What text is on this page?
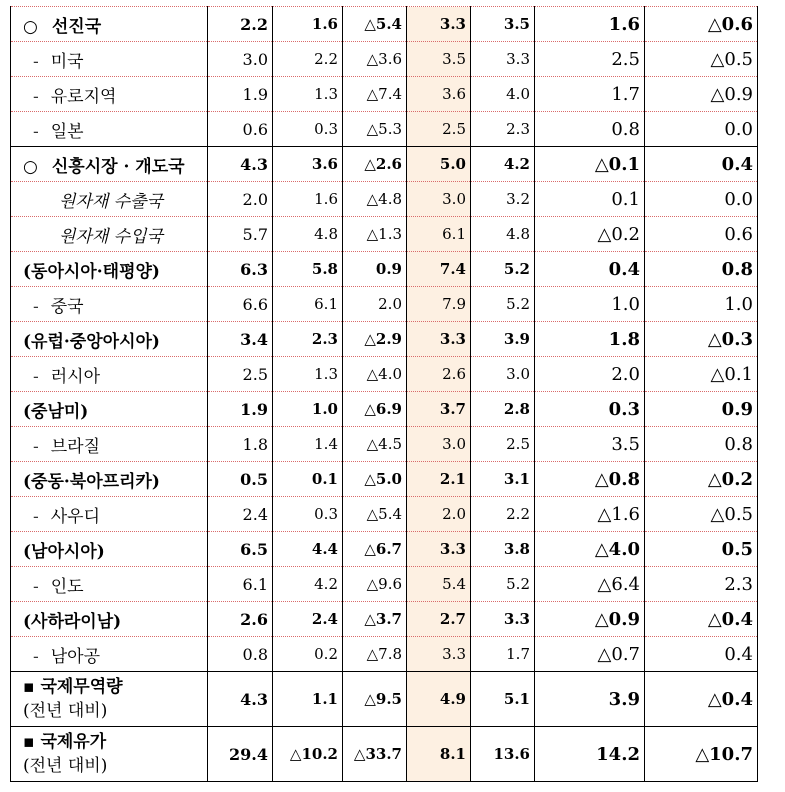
○ 선진국	2.2	1.6	△5.4	3.3	3.5	1.6	△0.6
- 미국	3.0	2.2	△3.6	3.5	3.3	2.5	△0.5
- 유로지역	1.9	1.3	△7.4	3.6	4.0	1.7	△0.9
- 일본	0.6	0.3	△5.3	2.5	2.3	0.8	0.0
○ 신흥시장 · 개도국	4.3	3.6	△2.6	5.0	4.2	△0.1	0.4
원자재 수출국	2.0	1.6	△4.8	3.0	3.2	0.1	0.0
원자재 수입국	5.7	4.8	△1.3	6.1	4.8	△0.2	0.6
(동아시아·태평양)	6.3	5.8	0.9	7.4	5.2	0.4	0.8
- 중국	6.6	6.1	2.0	7.9	5.2	1.0	1.0
(유럽·중앙아시아)	3.4	2.3	△2.9	3.3	3.9	1.8	△0.3
- 러시아	2.5	1.3	△4.0	2.6	3.0	2.0	△0.1
(중남미)	1.9	1.0	△6.9	3.7	2.8	0.3	0.9
- 브라질	1.8	1.4	△4.5	3.0	2.5	3.5	0.8
(중동·북아프리카)	0.5	0.1	△5.0	2.1	3.1	△0.8	△0.2
- 사우디	2.4	0.3	△5.4	2.0	2.2	△1.6	△0.5
(남아시아)	6.5	4.4	△6.7	3.3	3.8	△4.0	0.5
- 인도	6.1	4.2	△9.6	5.4	5.2	△6.4	2.3
(사하라이남)	2.6	2.4	△3.7	2.7	3.3	△0.9	△0.4
- 남아공	0.8	0.2	△7.8	3.3	1.7	△0.7	0.4

▪ 국제무역량
(전년 대비)	4.3	1.1	△9.5	4.9	5.1	3.9	△0.4

▪ 국제유가
(전년 대비)	29.4	△10.2	△33.7	8.1	13.6	14.2	△10.7
